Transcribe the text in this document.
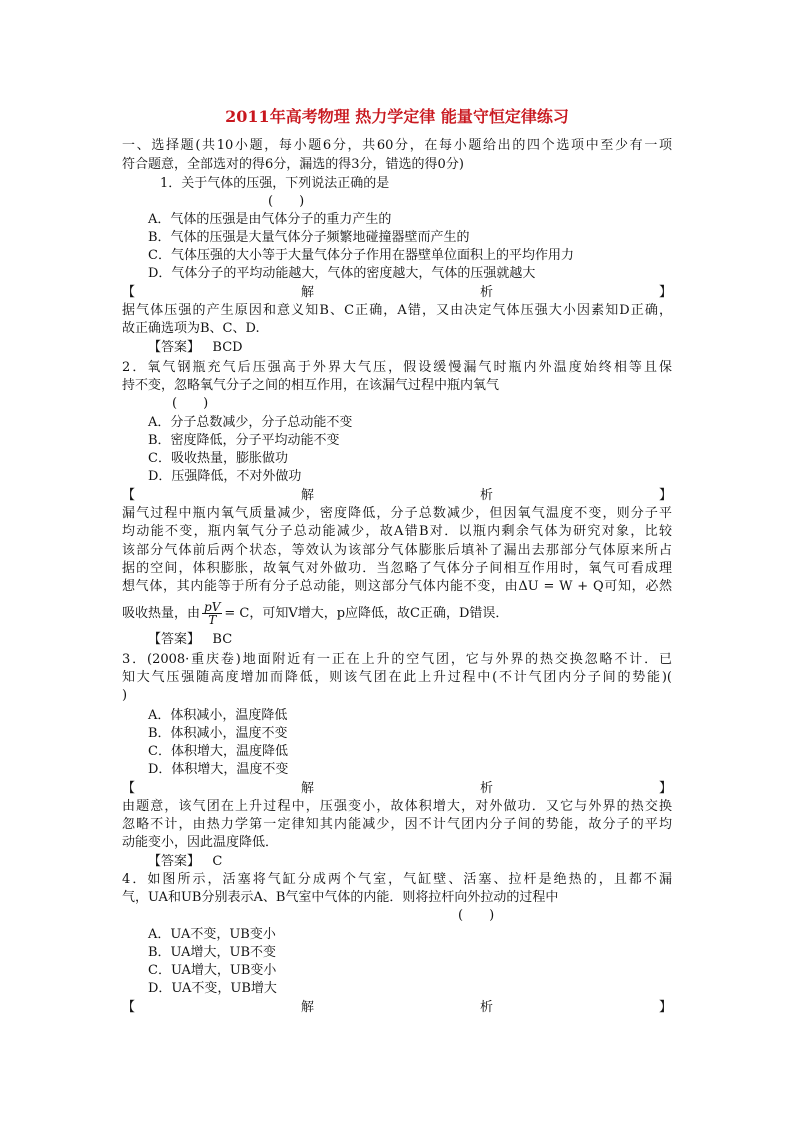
2011年高考物理 热力学定律 能量守恒定律练习
一、选择题(共10小题，每小题6分，共60分，在每小题给出的四个选项中至少有一项
符合题意，全部选对的得6分，漏选的得3分，错选的得0分)
1．关于气体的压强，下列说法正确的是
(　　)
A．气体的压强是由气体分子的重力产生的
B．气体的压强是大量气体分子频繁地碰撞器壁而产生的
C．气体压强的大小等于大量气体分子作用在器壁单位面积上的平均作用力
D．气体分子的平均动能越大，气体的密度越大，气体的压强就越大
【	解	析	】
据气体压强的产生原因和意义知B、C正确，A错，又由决定气体压强大小因素知D正确，
故正确选项为B、C、D.
【答案】 BCD
2．氧气钢瓶充气后压强高于外界大气压，假设缓慢漏气时瓶内外温度始终相等且保
持不变，忽略氧气分子之间的相互作用，在该漏气过程中瓶内氧气
(　　)
A．分子总数减少，分子总动能不变
B．密度降低，分子平均动能不变
C．吸收热量，膨胀做功
D．压强降低，不对外做功
【	解	析	】
漏气过程中瓶内氧气质量减少，密度降低，分子总数减少，但因氧气温度不变，则分子平
均动能不变，瓶内氧气分子总动能减少，故A错B对．以瓶内剩余气体为研究对象，比较
该部分气体前后两个状态，等效认为该部分气体膨胀后填补了漏出去那部分气体原来所占
据的空间，体积膨胀，故氧气对外做功．当忽略了气体分子间相互作用时，氧气可看成理
想气体，其内能等于所有分子总动能，则这部分气体内能不变，由ΔU = W + Q可知，必然
吸收热量，由 $\frac{pV}{T} = C$，可知V增大，p应降低，故C正确，D错误．
【答案】 BC
3．(2008·重庆卷)地面附近有一正在上升的空气团，它与外界的热交换忽略不计．已
知大气压强随高度增加而降低，则该气团在此上升过程中(不计气团内分子间的势能)(
)
A．体积减小，温度降低
B．体积减小，温度不变
C．体积增大，温度降低
D．体积增大，温度不变
【	解	析	】
由题意，该气团在上升过程中，压强变小，故体积增大，对外做功．又它与外界的热交换
忽略不计，由热力学第一定律知其内能减少，因不计气团内分子间的势能，故分子的平均
动能变小，因此温度降低．
【答案】 C
4．如图所示，活塞将气缸分成两个气室，气缸壁、活塞、拉杆是绝热的，且都不漏
气，UA和UB分别表示A、B气室中气体的内能．则将拉杆向外拉动的过程中
(　　)
A．UA不变，UB变小
B．UA增大，UB不变
C．UA增大，UB变小
D．UA不变，UB增大
【	解	析	】
